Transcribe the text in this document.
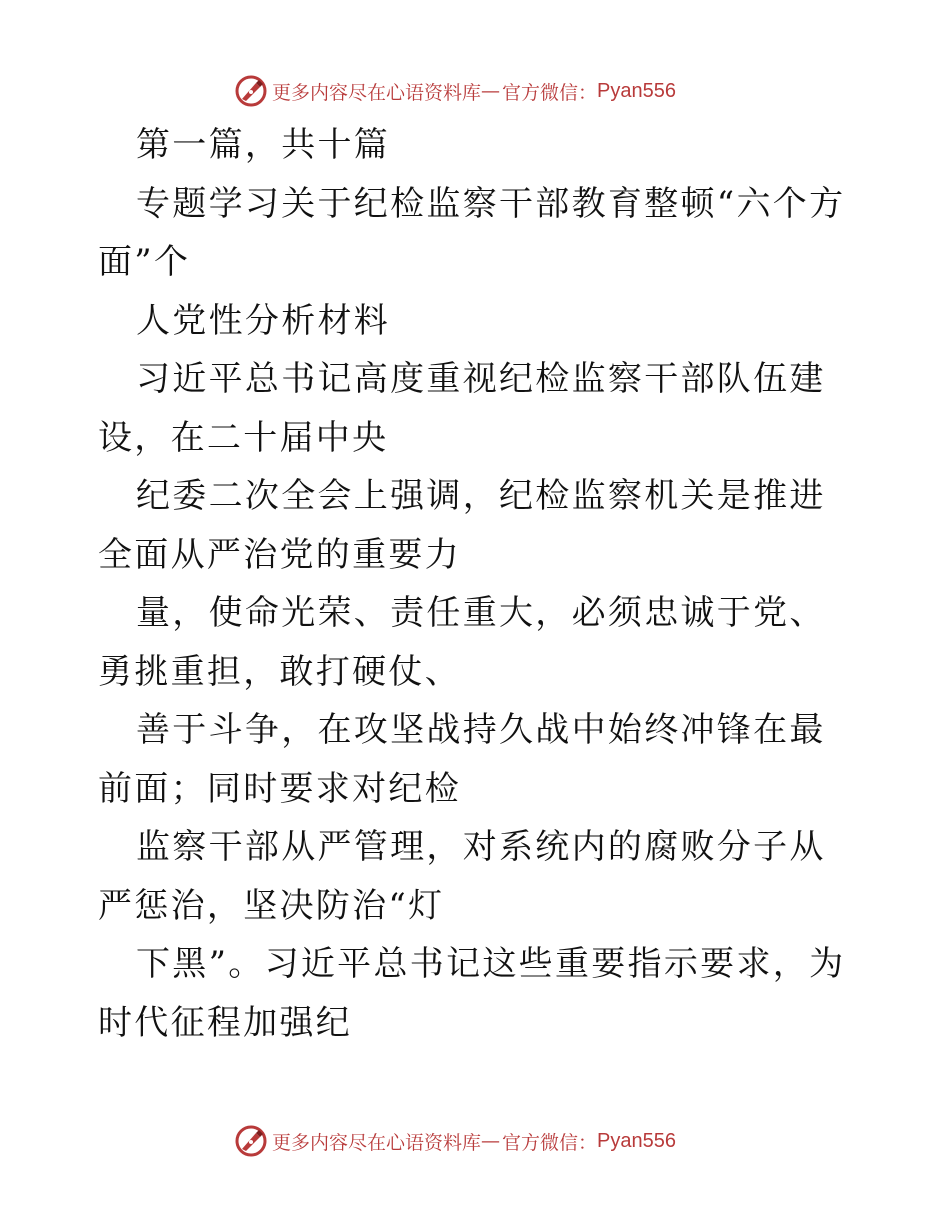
更多内容尽在心语资料库 — 官方微信： Pyan556

第一篇，共十篇

专题学习关于纪检监察干部教育整顿“六个方面”个

人党性分析材料

习近平总书记高度重视纪检监察干部队伍建设，在二十届中央

纪委二次全会上强调，纪检监察机关是推进全面从严治党的重要力

量，使命光荣、责任重大，必须忠诚于党、勇挑重担，敢打硬仗、

善于斗争，在攻坚战持久战中始终冲锋在最前面；同时要求对纪检

监察干部从严管理，对系统内的腐败分子从严惩治，坚决防治“灯

下黑”。习近平总书记这些重要指示要求，为时代征程加强纪

更多内容尽在心语资料库 — 官方微信： Pyan556
